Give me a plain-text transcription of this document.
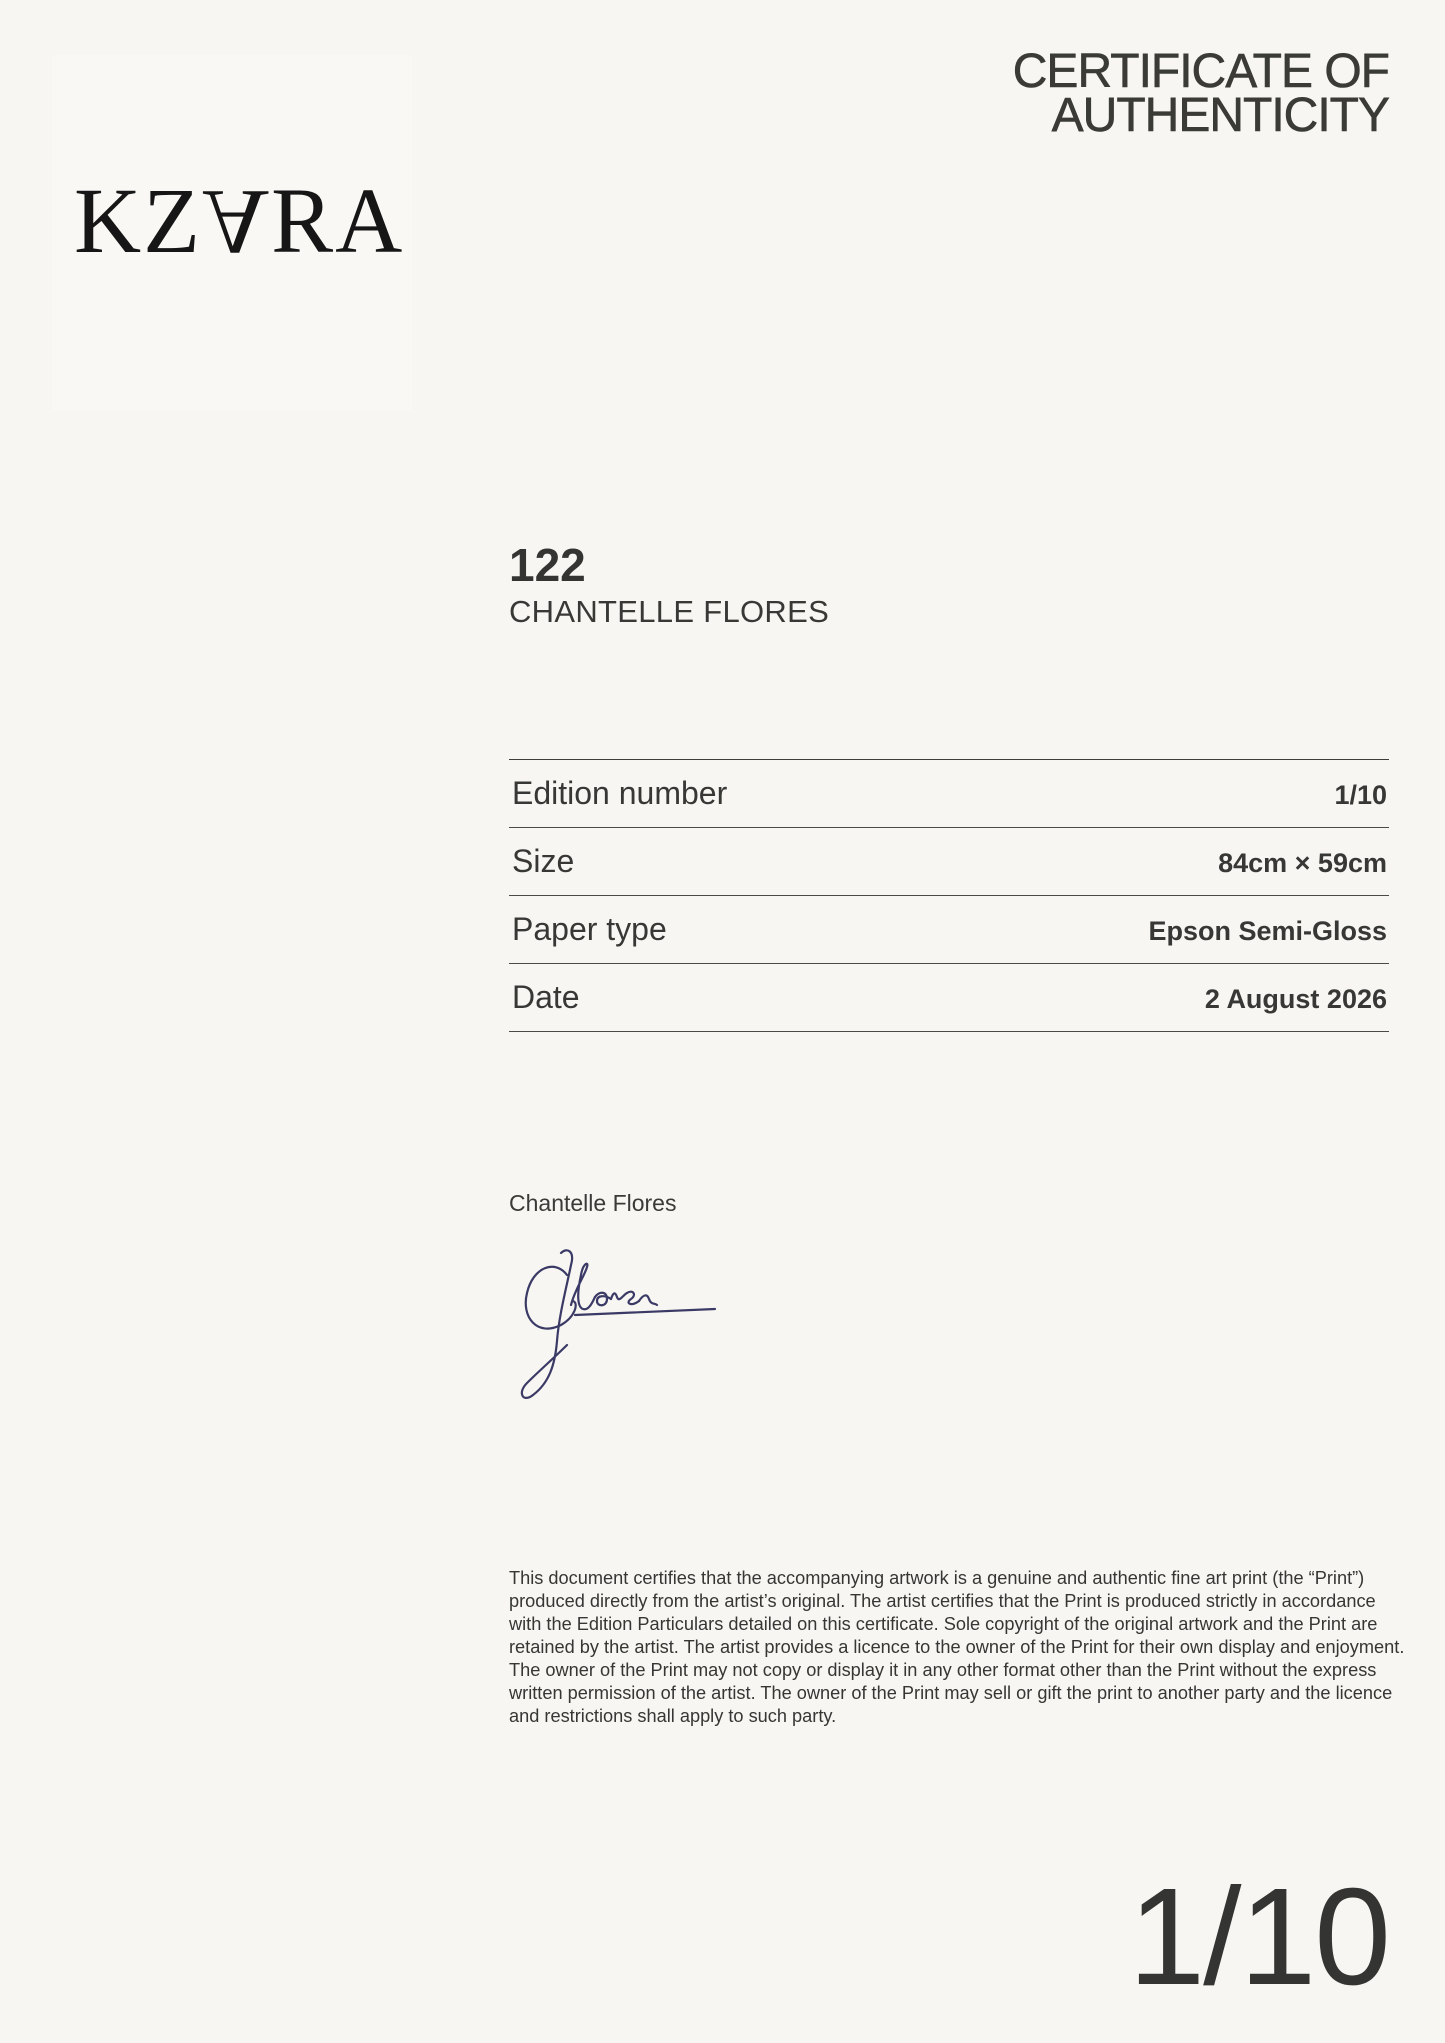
KZARA
CERTIFICATE OF
AUTHENTICITY
122
CHANTELLE FLORES
Edition number	1/10
Size	84cm × 59cm
Paper type	Epson Semi-Gloss
Date	2 August 2026
Chantelle Flores

This document certifies that the accompanying artwork is a genuine and authentic fine art print (the “Print”) produced directly from the artist’s original. The artist certifies that the Print is produced strictly in accordance with the Edition Particulars detailed on this certificate. Sole copyright of the original artwork and the Print are retained by the artist. The artist provides a licence to the owner of the Print for their own display and enjoyment. The owner of the Print may not copy or display it in any other format other than the Print without the express written permission of the artist. The owner of the Print may sell or gift the print to another party and the licence and restrictions shall apply to such party.

1/10
